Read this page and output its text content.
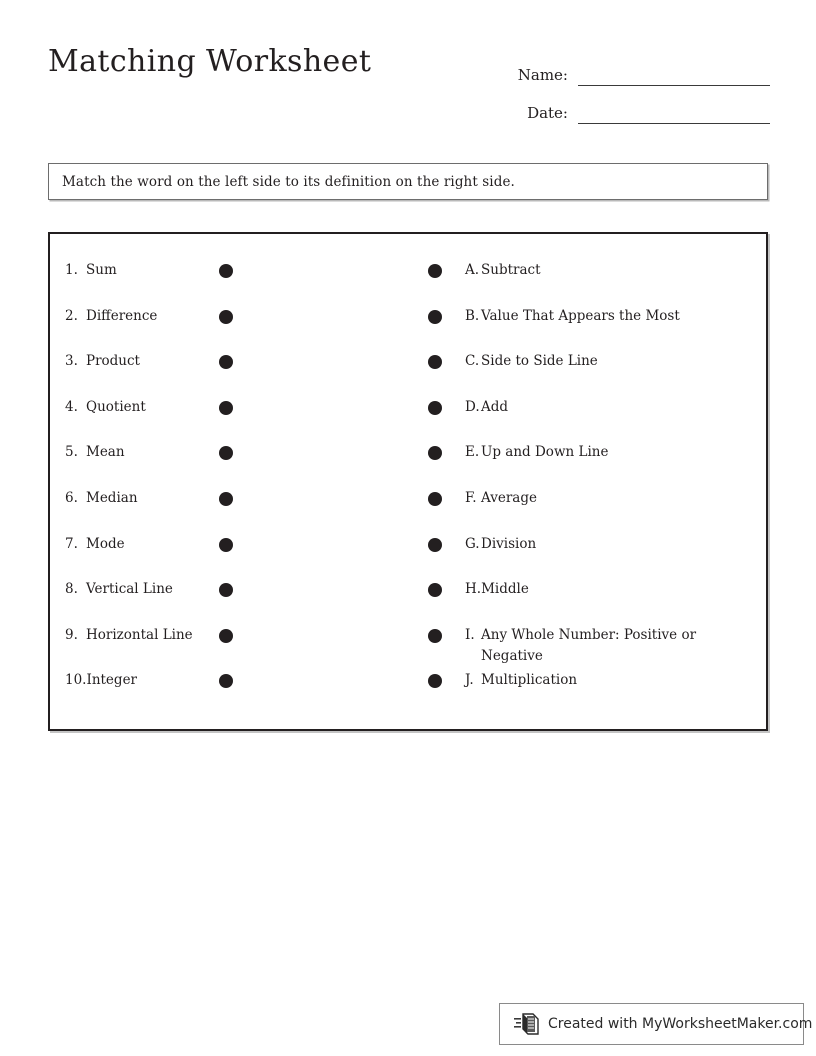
Matching Worksheet	Name:
Date:
Match the word on the left side to its definition on the right side.
1. Sum
2. Difference
3. Product
4. Quotient
5. Mean
6. Median
7. Mode
8. Vertical Line
9. Horizontal Line
10. Integer
A. Subtract
B. Value That Appears the Most
C. Side to Side Line
D. Add
E. Up and Down Line
F. Average
G. Division
H. Middle
I. Any Whole Number: Positive or Negative
J. Multiplication
Created with MyWorksheetMaker.com
